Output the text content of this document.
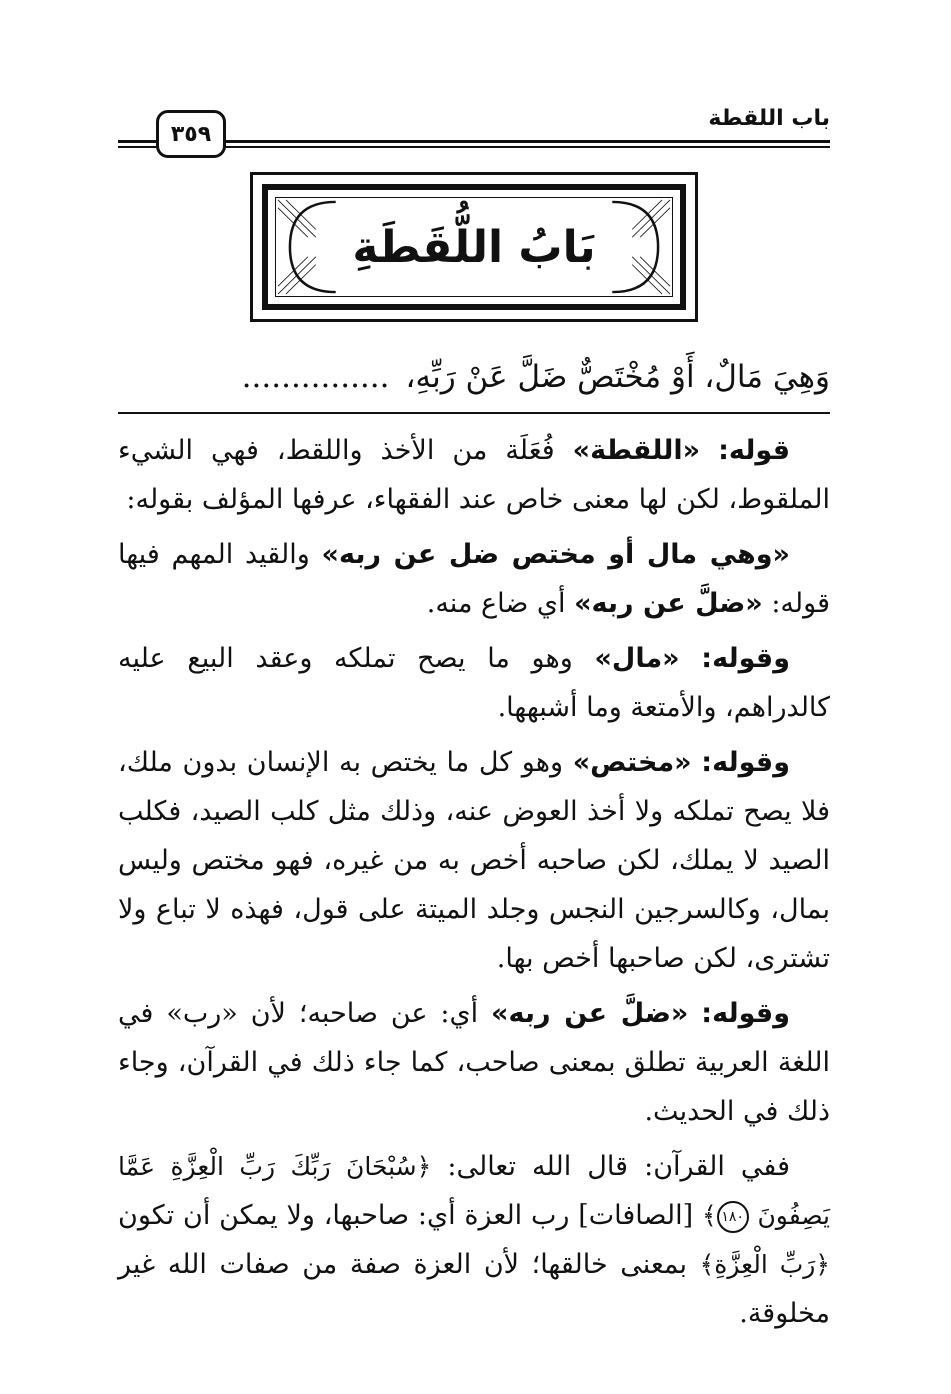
باب اللقطة
٣٥٩
بَابُ اللُّقَطَةِ
وَهِيَ مَالٌ، أَوْ مُخْتَصٌّ ضَلَّ عَنْ رَبِّهِ،...............

قوله: «اللقطة» فُعَلَة من الأخذ واللقط، فهي الشيء الملقوط، لكن لها معنى خاص عند الفقهاء، عرفها المؤلف بقوله:

«وهي مال أو مختص ضل عن ربه» والقيد المهم فيها قوله: «ضلَّ عن ربه» أي ضاع منه.

وقوله: «مال» وهو ما يصح تملكه وعقد البيع عليه كالدراهم، والأمتعة وما أشبهها.

وقوله: «مختص» وهو كل ما يختص به الإنسان بدون ملك، فلا يصح تملكه ولا أخذ العوض عنه، وذلك مثل كلب الصيد، فكلب الصيد لا يملك، لكن صاحبه أخص به من غيره، فهو مختص وليس بمال، وكالسرجين النجس وجلد الميتة على قول، فهذه لا تباع ولا تشترى، لكن صاحبها أخص بها.

وقوله: «ضلَّ عن ربه» أي: عن صاحبه؛ لأن «رب» في اللغة العربية تطلق بمعنى صاحب، كما جاء ذلك في القرآن، وجاء ذلك في الحديث.

ففي القرآن: قال الله تعالى: ﴿سُبْحَانَ رَبِّكَ رَبِّ الْعِزَّةِ عَمَّا يَصِفُونَ ١٨٠﴾ [الصافات] رب العزة أي: صاحبها، ولا يمكن أن تكون ﴿رَبِّ الْعِزَّةِ﴾ بمعنى خالقها؛ لأن العزة صفة من صفات الله غير مخلوقة.
